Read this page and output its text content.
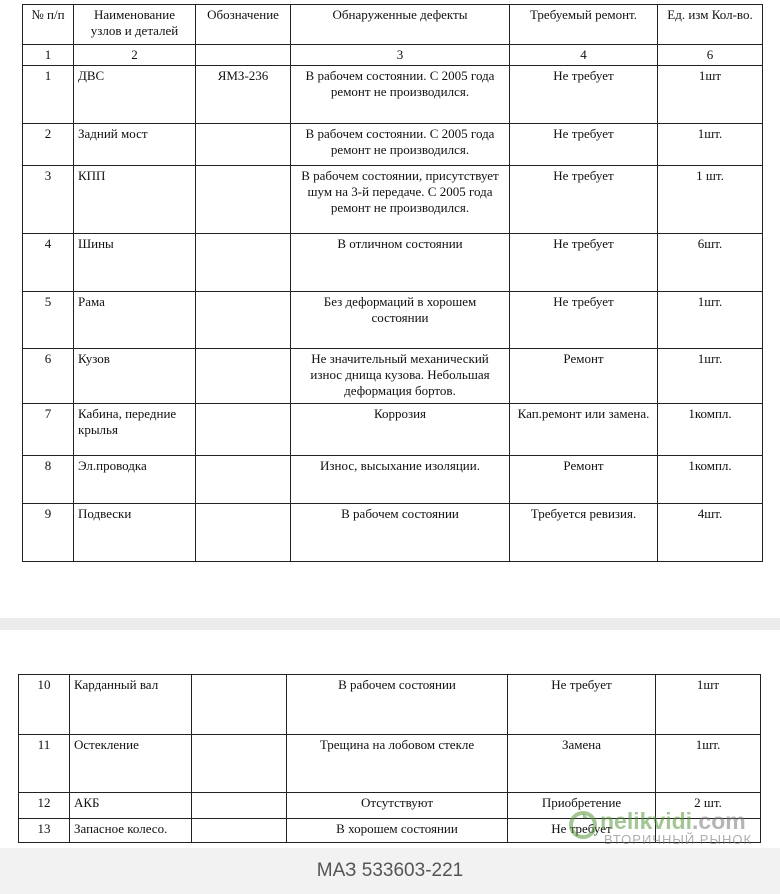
№ п/п	Наименование узлов и деталей	Обозначение	Обнаруженные дефекты	Требуемый ремонт.	Ед. изм Кол-во.
1	2		3	4	6
1	ДВС	ЯМЗ-236	В рабочем состоянии. С 2005 года ремонт не производился.	Не требует	1шт
2	Задний мост		В рабочем состоянии. С 2005 года ремонт не производился.	Не требует	1шт.
3	КПП		В рабочем состоянии, присутствует шум на 3-й передаче. С 2005 года ремонт не производился.	Не требует	1 шт.
4	Шины		В отличном состоянии	Не требует	6шт.
5	Рама		Без деформаций в хорошем состоянии	Не требует	1шт.
6	Кузов		Не значительный механический износ днища кузова. Небольшая деформация бортов.	Ремонт	1шт.
7	Кабина, передние крылья		Коррозия	Кап.ремонт или замена.	1компл.
8	Эл.проводка		Износ, высыхание изоляции.	Ремонт	1компл.
9	Подвески		В рабочем состоянии	Требуется ревизия.	4шт.
10	Карданный вал		В рабочем состоянии	Не требует	1шт
11	Остекление		Трещина на лобовом стекле	Замена	1шт.
12	АКБ		Отсутствуют	Приобретение	2 шт.
13	Запасное колесо.		В хорошем состоянии	Не требует	
nelikvidi.com
ВТОРИЧНЫЙ РЫНОК
МАЗ 533603-221
